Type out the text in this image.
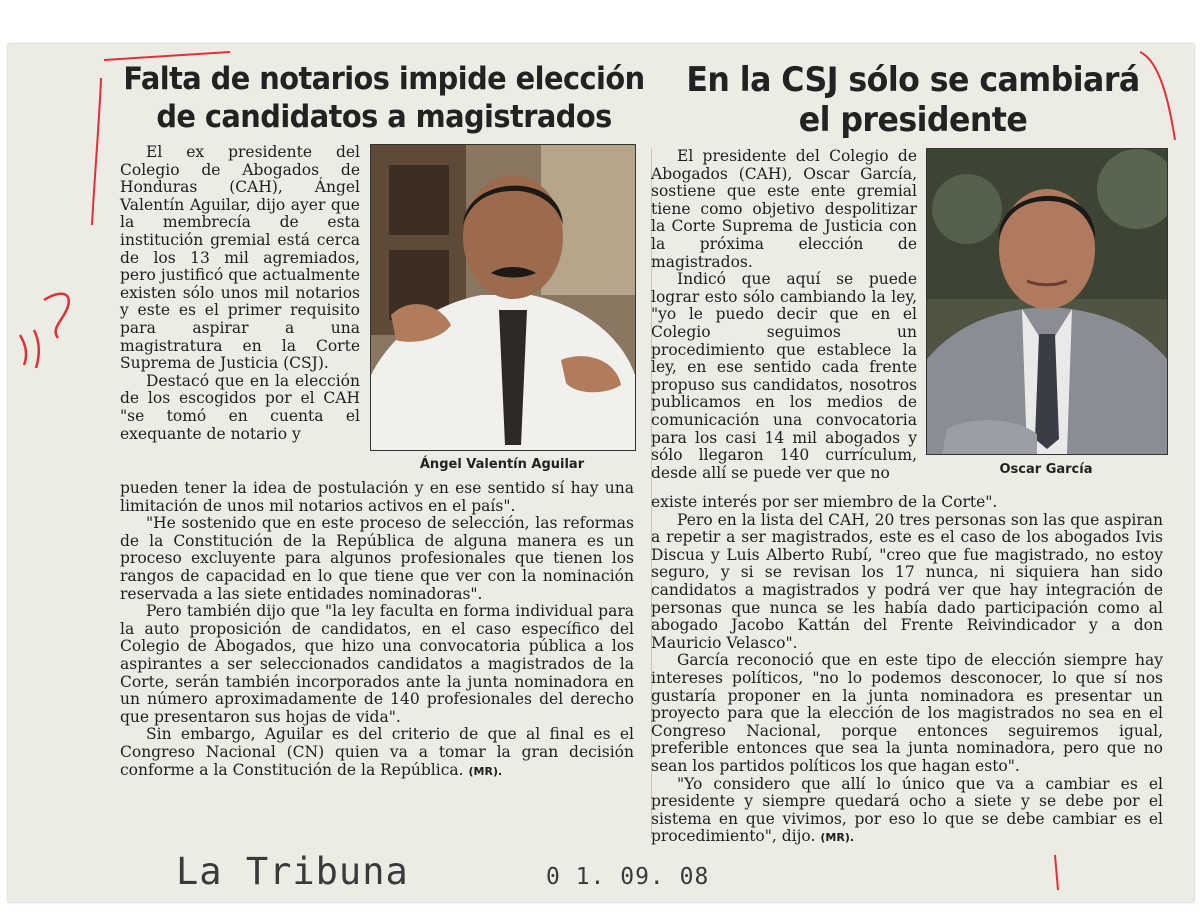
Falta de notarios impide elección de candidatos a magistrados

El ex presidente del Colegio de Abogados de Honduras (CAH), Ángel Valentín Aguilar, dijo ayer que la membrecía de esta institución gremial está cerca de los 13 mil agremiados, pero justificó que actualmente existen sólo unos mil notarios y este es el primer requisito para aspirar a una magistratura en la Corte Suprema de Justicia (CSJ).

Destacó que en la elección de los escogidos por el CAH "se tomó en cuenta el exequante de notario y

pueden tener la idea de postulación y en ese sentido sí hay una limitación de unos mil notarios activos en el país".

"He sostenido que en este proceso de selección, las reformas de la Constitución de la República de alguna manera es un proceso excluyente para algunos profesionales que tienen los rangos de capacidad en lo que tiene que ver con la nominación reservada a las siete entidades nominadoras".

Pero también dijo que "la ley faculta en forma individual para la auto proposición de candidatos, en el caso específico del Colegio de Abogados, que hizo una convocatoria pública a los aspirantes a ser seleccionados candidatos a magistrados de la Corte, serán también incorporados ante la junta nominadora en un número aproximadamente de 140 profesionales del derecho que presentaron sus hojas de vida".

Sin embargo, Aguilar es del criterio de que al final es el Congreso Nacional (CN) quien va a tomar la gran decisión conforme a la Constitución de la República. (MR).

Ángel Valentín Aguilar
En la CSJ sólo se cambiará el presidente

El presidente del Colegio de Abogados (CAH), Oscar García, sostiene que este ente gremial tiene como objetivo despolitizar la Corte Suprema de Justicia con la próxima elección de magistrados.

Indicó que aquí se puede lograr esto sólo cambiando la ley, "yo le puedo decir que en el Colegio seguimos un procedimiento que establece la ley, en ese sentido cada frente propuso sus candidatos, nosotros publicamos en los medios de comunicación una convocatoria para los casi 14 mil abogados y sólo llegaron 140 currículum, desde allí se puede ver que no

existe interés por ser miembro de la Corte".

Pero en la lista del CAH, 20 tres personas son las que aspiran a repetir a ser magistrados, este es el caso de los abogados Ivis Discua y Luis Alberto Rubí, "creo que fue magistrado, no estoy seguro, y si se revisan los 17 nunca, ni siquiera han sido candidatos a magistrados y podrá ver que hay integración de personas que nunca se les había dado participación como al abogado Jacobo Kattán del Frente Reivindicador y a don Mauricio Velasco".

García reconoció que en este tipo de elección siempre hay intereses políticos, "no lo podemos desconocer, lo que sí nos gustaría proponer en la junta nominadora es presentar un proyecto para que la elección de los magistrados no sea en el Congreso Nacional, porque entonces seguiremos igual, preferible entonces que sea la junta nominadora, pero que no sean los partidos políticos los que hagan esto".

"Yo considero que allí lo único que va a cambiar es el presidente y siempre quedará ocho a siete y se debe por el sistema en que vivimos, por eso lo que se debe cambiar es el procedimiento", dijo. (MR).

Oscar García
La Tribuna	0 1. 09. 08
